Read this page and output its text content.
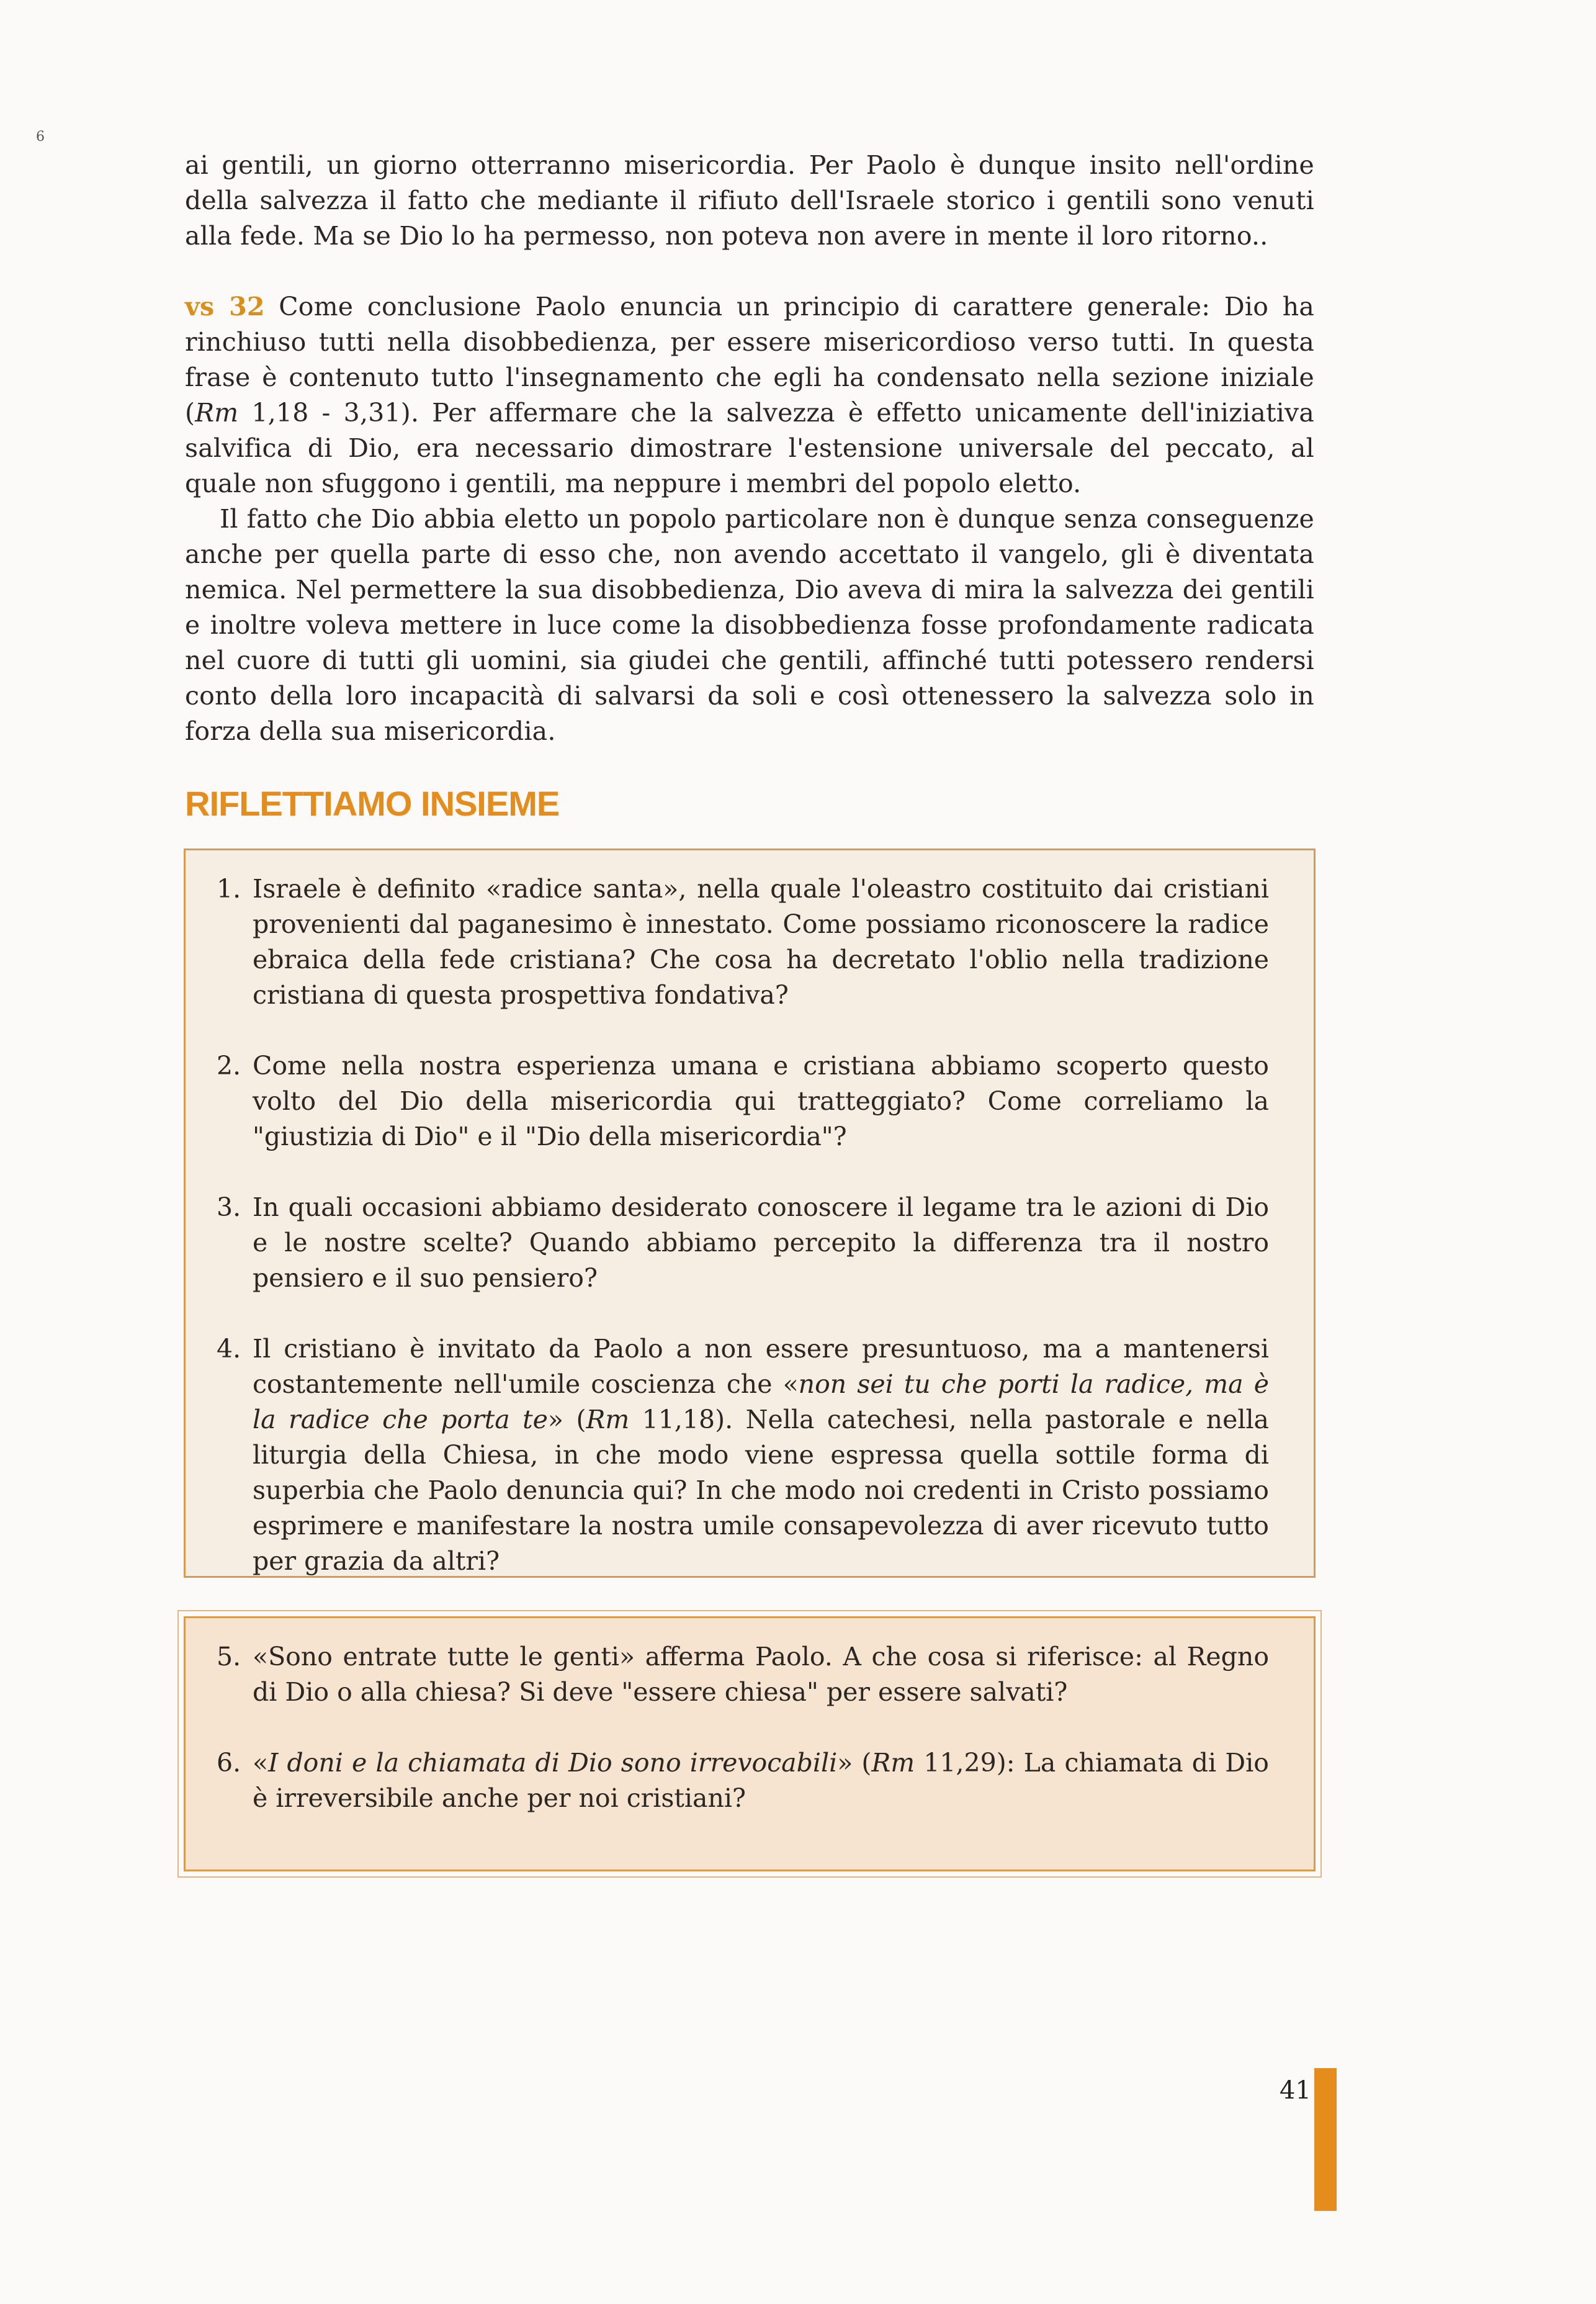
6

ai gentili, un giorno otterranno misericordia. Per Paolo è dunque insito nell'ordine della salvezza il fatto che mediante il rifiuto dell'Israele storico i gentili sono venuti alla fede. Ma se Dio lo ha permesso, non poteva non avere in mente il loro ritorno..

vs 32 Come conclusione Paolo enuncia un principio di carattere generale: Dio ha rinchiuso tutti nella disobbedienza, per essere misericordioso verso tutti. In questa frase è contenuto tutto l'insegnamento che egli ha condensato nella sezione iniziale (Rm 1,18 - 3,31). Per affermare che la salvezza è effetto unicamente dell'iniziativa salvifica di Dio, era necessario dimostrare l'estensione universale del peccato, al quale non sfuggono i gentili, ma neppure i membri del popolo eletto.

Il fatto che Dio abbia eletto un popolo particolare non è dunque senza conseguenze anche per quella parte di esso che, non avendo accettato il vangelo, gli è diventata nemica. Nel permettere la sua disobbedienza, Dio aveva di mira la salvezza dei gentili e inoltre voleva mettere in luce come la disobbedienza fosse profondamente radicata nel cuore di tutti gli uomini, sia giudei che gentili, affinché tutti potessero rendersi conto della loro incapacità di salvarsi da soli e così ottenessero la salvezza solo in forza della sua misericordia.

RIFLETTIAMO INSIEME
1. Israele è definito «radice santa», nella quale l'oleastro costituito dai cristiani provenienti dal paganesimo è innestato. Come possiamo riconoscere la radice ebraica della fede cristiana? Che cosa ha decretato l'oblio nella tradizione cristiana di questa prospettiva fondativa?
2. Come nella nostra esperienza umana e cristiana abbiamo scoperto questo volto del Dio della misericordia qui tratteggiato? Come correliamo la "giustizia di Dio" e il "Dio della misericordia"?
3. In quali occasioni abbiamo desiderato conoscere il legame tra le azioni di Dio e le nostre scelte? Quando abbiamo percepito la differenza tra il nostro pensiero e il suo pensiero?
4. Il cristiano è invitato da Paolo a non essere presuntuoso, ma a mantenersi costantemente nell'umile coscienza che «non sei tu che porti la radice, ma è la radice che porta te» (Rm 11,18). Nella catechesi, nella pastorale e nella liturgia della Chiesa, in che modo viene espressa quella sottile forma di superbia che Paolo denuncia qui? In che modo noi credenti in Cristo possiamo esprimere e manifestare la nostra umile consapevolezza di aver ricevuto tutto per grazia da altri?
5. «Sono entrate tutte le genti» afferma Paolo. A che cosa si riferisce: al Regno di Dio o alla chiesa? Si deve "essere chiesa" per essere salvati?
6. «I doni e la chiamata di Dio sono irrevocabili» (Rm 11,29): La chiamata di Dio è irreversibile anche per noi cristiani?
41
